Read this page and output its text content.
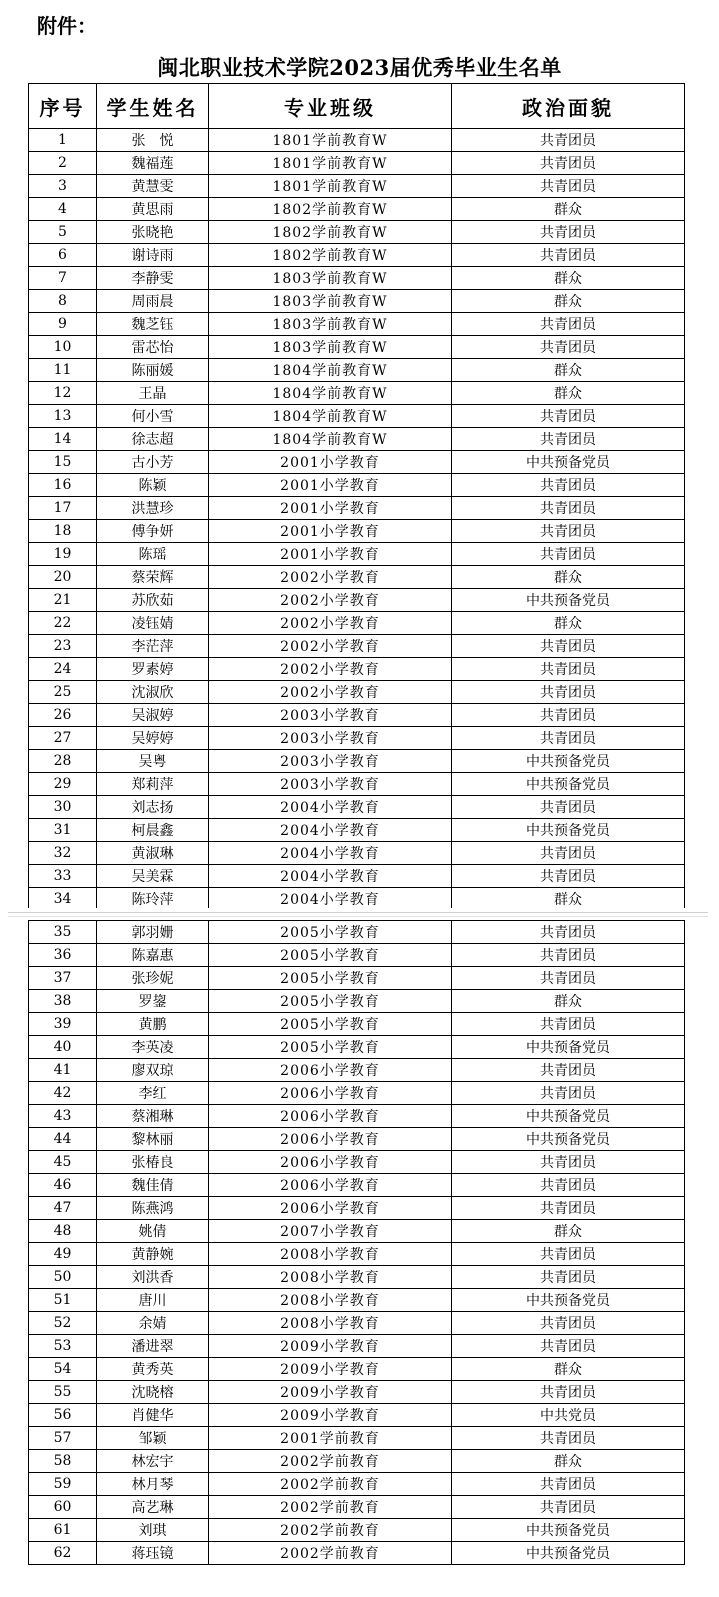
附件：
闽北职业技术学院2023届优秀毕业生名单
序号	学生姓名	专业班级	政治面貌
1	张　悦	1801学前教育W	共青团员
2	魏福莲	1801学前教育W	共青团员
3	黄慧雯	1801学前教育W	共青团员
4	黄思雨	1802学前教育W	群众
5	张晓艳	1802学前教育W	共青团员
6	谢诗雨	1802学前教育W	共青团员
7	李静雯	1803学前教育W	群众
8	周雨晨	1803学前教育W	群众
9	魏芝钰	1803学前教育W	共青团员
10	雷芯怡	1803学前教育W	共青团员
11	陈丽媛	1804学前教育W	群众
12	王晶	1804学前教育W	群众
13	何小雪	1804学前教育W	共青团员
14	徐志超	1804学前教育W	共青团员
15	古小芳	2001小学教育	中共预备党员
16	陈颖	2001小学教育	共青团员
17	洪慧珍	2001小学教育	共青团员
18	傅争妍	2001小学教育	共青团员
19	陈瑶	2001小学教育	共青团员
20	蔡荣辉	2002小学教育	群众
21	苏欣茹	2002小学教育	中共预备党员
22	凌钰婧	2002小学教育	群众
23	李茫萍	2002小学教育	共青团员
24	罗素婷	2002小学教育	共青团员
25	沈淑欣	2002小学教育	共青团员
26	吴淑婷	2003小学教育	共青团员
27	吴婷婷	2003小学教育	共青团员
28	吴粤	2003小学教育	中共预备党员
29	郑莉萍	2003小学教育	中共预备党员
30	刘志扬	2004小学教育	共青团员
31	柯晨鑫	2004小学教育	中共预备党员
32	黄淑琳	2004小学教育	共青团员
33	吴美霖	2004小学教育	共青团员
34	陈玲萍	2004小学教育	群众
35	郭羽姗	2005小学教育	共青团员
36	陈嘉惠	2005小学教育	共青团员
37	张珍妮	2005小学教育	共青团员
38	罗鋆	2005小学教育	群众
39	黄鹏	2005小学教育	共青团员
40	李英凌	2005小学教育	中共预备党员
41	廖双琼	2006小学教育	共青团员
42	李红	2006小学教育	共青团员
43	蔡湘琳	2006小学教育	中共预备党员
44	黎林丽	2006小学教育	中共预备党员
45	张椿良	2006小学教育	共青团员
46	魏佳倩	2006小学教育	共青团员
47	陈燕鸿	2006小学教育	共青团员
48	姚倩	2007小学教育	群众
49	黄静婉	2008小学教育	共青团员
50	刘洪香	2008小学教育	共青团员
51	唐川	2008小学教育	中共预备党员
52	余婧	2008小学教育	共青团员
53	潘进翠	2009小学教育	共青团员
54	黄秀英	2009小学教育	群众
55	沈晓榕	2009小学教育	共青团员
56	肖健华	2009小学教育	中共党员
57	邹颖	2001学前教育	共青团员
58	林宏宇	2002学前教育	群众
59	林月琴	2002学前教育	共青团员
60	高艺琳	2002学前教育	共青团员
61	刘琪	2002学前教育	中共预备党员
62	蒋珏镜	2002学前教育	中共预备党员
